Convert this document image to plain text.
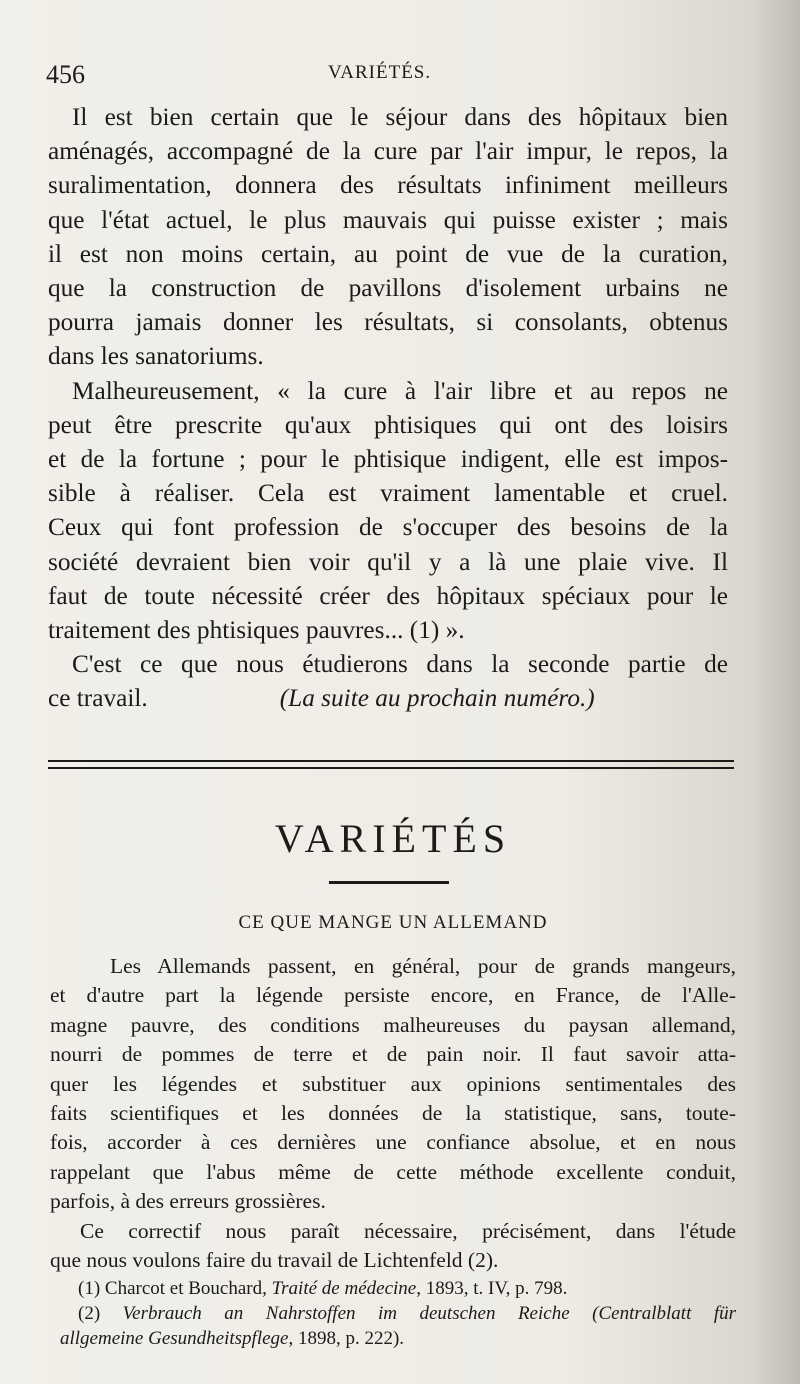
456	VARIÉTÉS.
Il est bien certain que le séjour dans des hôpitaux bien
aménagés, accompagné de la cure par l'air impur, le repos, la
suralimentation, donnera des résultats infiniment meilleurs
que l'état actuel, le plus mauvais qui puisse exister ; mais
il est non moins certain, au point de vue de la curation,
que la construction de pavillons d'isolement urbains ne
pourra jamais donner les résultats, si consolants, obtenus
dans les sanatoriums.
Malheureusement, « la cure à l'air libre et au repos ne
peut être prescrite qu'aux phtisiques qui ont des loisirs
et de la fortune ; pour le phtisique indigent, elle est impos-
sible à réaliser. Cela est vraiment lamentable et cruel.
Ceux qui font profession de s'occuper des besoins de la
société devraient bien voir qu'il y a là une plaie vive. Il
faut de toute nécessité créer des hôpitaux spéciaux pour le
traitement des phtisiques pauvres... (1) ».
C'est ce que nous étudierons dans la seconde partie de
ce travail.	(La suite au prochain numéro.)
VARIÉTÉS
CE QUE MANGE UN ALLEMAND
Les Allemands passent, en général, pour de grands mangeurs,
et d'autre part la légende persiste encore, en France, de l'Alle-
magne pauvre, des conditions malheureuses du paysan allemand,
nourri de pommes de terre et de pain noir. Il faut savoir atta-
quer les légendes et substituer aux opinions sentimentales des
faits scientifiques et les données de la statistique, sans, toute-
fois, accorder à ces dernières une confiance absolue, et en nous
rappelant que l'abus même de cette méthode excellente conduit,
parfois, à des erreurs grossières.
Ce correctif nous paraît nécessaire, précisément, dans l'étude
que nous voulons faire du travail de Lichtenfeld (2).
(1) Charcot et Bouchard, Traité de médecine, 1893, t. IV, p. 798.
(2) Verbrauch an Nahrstoffen im deutschen Reiche (Centralblatt für
allgemeine Gesundheitspflege, 1898, p. 222).
